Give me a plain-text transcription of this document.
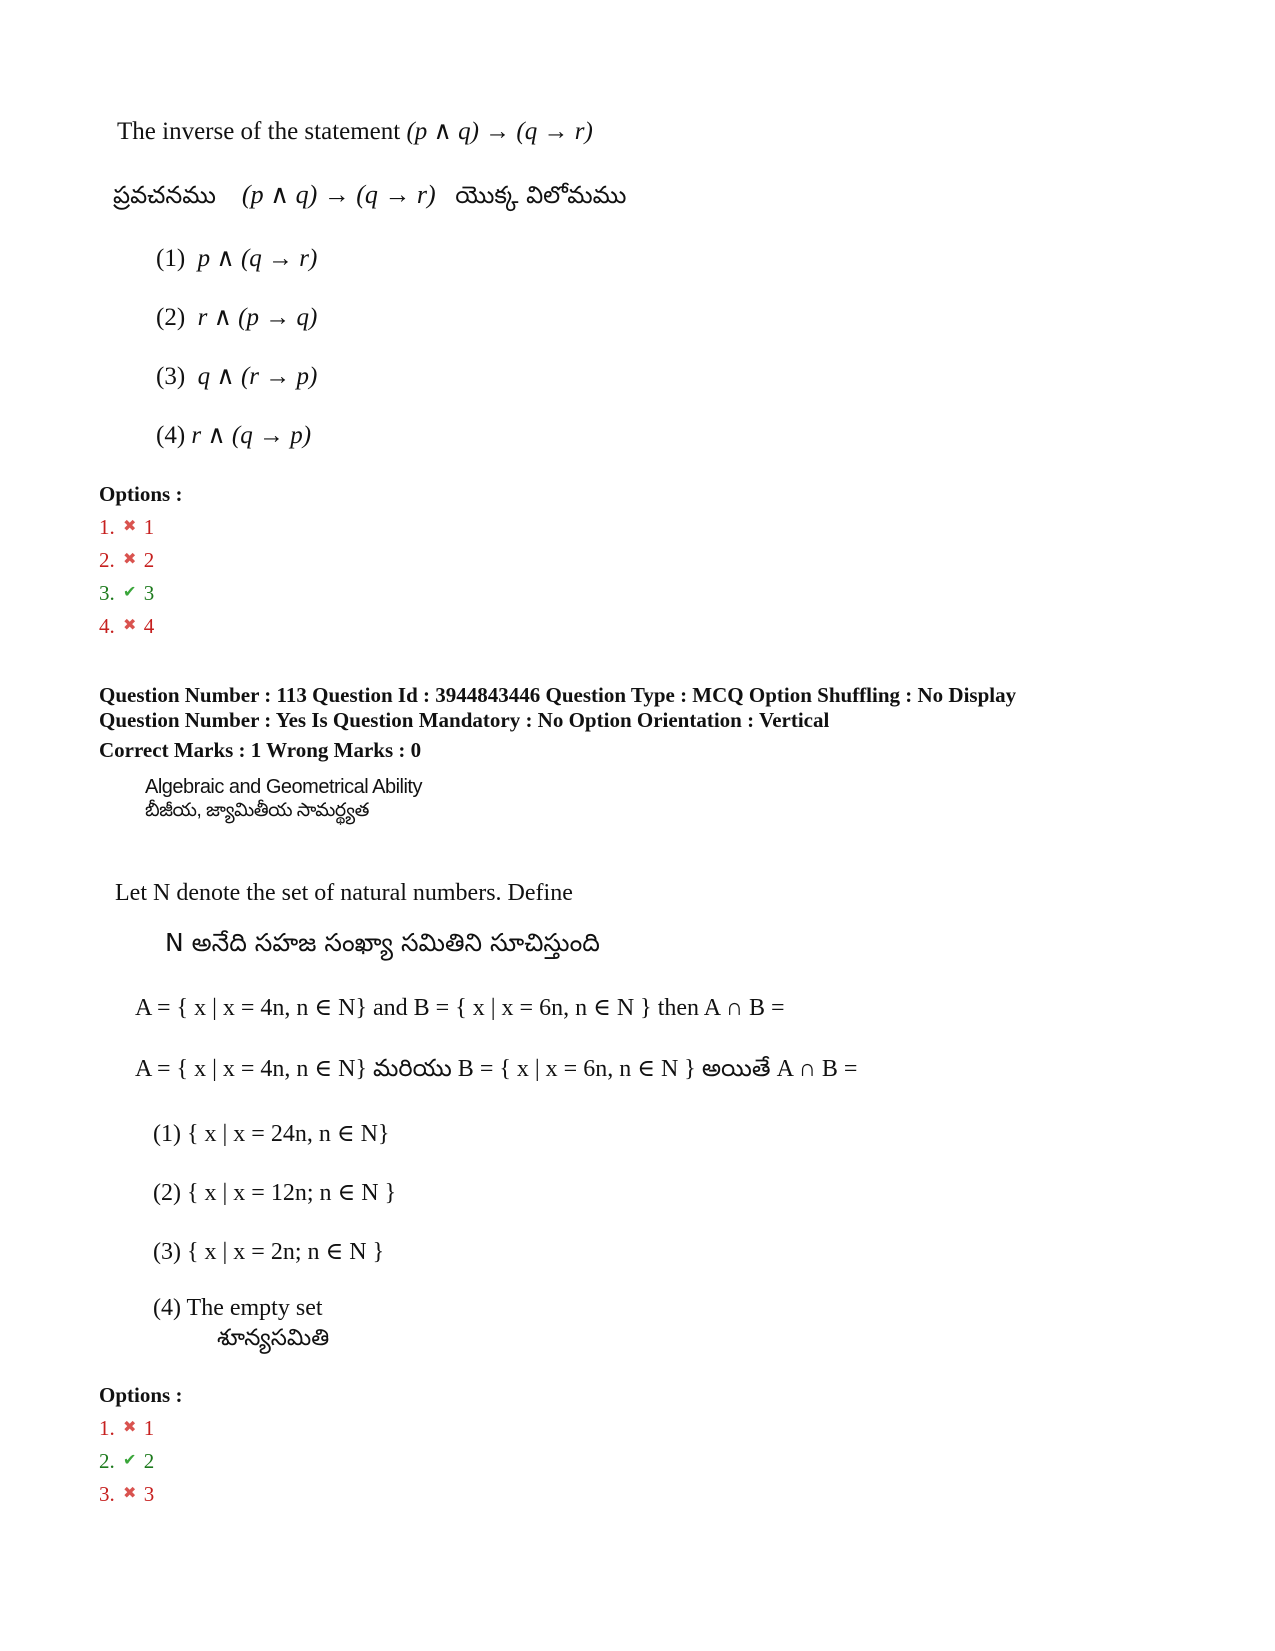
The inverse of the statement (p ∧ q) → (q → r)
ప్రవచనము (p ∧ q) → (q → r) యొక్క విలోమము
(1) p ∧ (q → r)
(2) r ∧ (p → q)
(3) q ∧ (r → p)
(4) r ∧ (q → p)
Options :
1. ✖ 1
2. ✖ 2
3. ✔ 3
4. ✖ 4
Question Number : 113 Question Id : 3944843446 Question Type : MCQ Option Shuffling : No Display
Question Number : Yes Is Question Mandatory : No Option Orientation : Vertical
Correct Marks : 1 Wrong Marks : 0
Algebraic and Geometrical Ability
బీజీయ, జ్యామితీయ సామర్థ్యత
Let N denote the set of natural numbers. Define
N అనేది సహజ సంఖ్యా సమితిని సూచిస్తుంది
A = { x | x = 4n, n ∈ N} and B = { x | x = 6n, n ∈ N } then A ∩ B =
A = { x | x = 4n, n ∈ N} మరియు B = { x | x = 6n, n ∈ N } అయితే A ∩ B =
(1) { x | x = 24n, n ∈ N}
(2) { x | x = 12n; n ∈ N }
(3) { x | x = 2n; n ∈ N }
(4) The empty set
శూన్యసమితి
Options :
1. ✖ 1
2. ✔ 2
3. ✖ 3
